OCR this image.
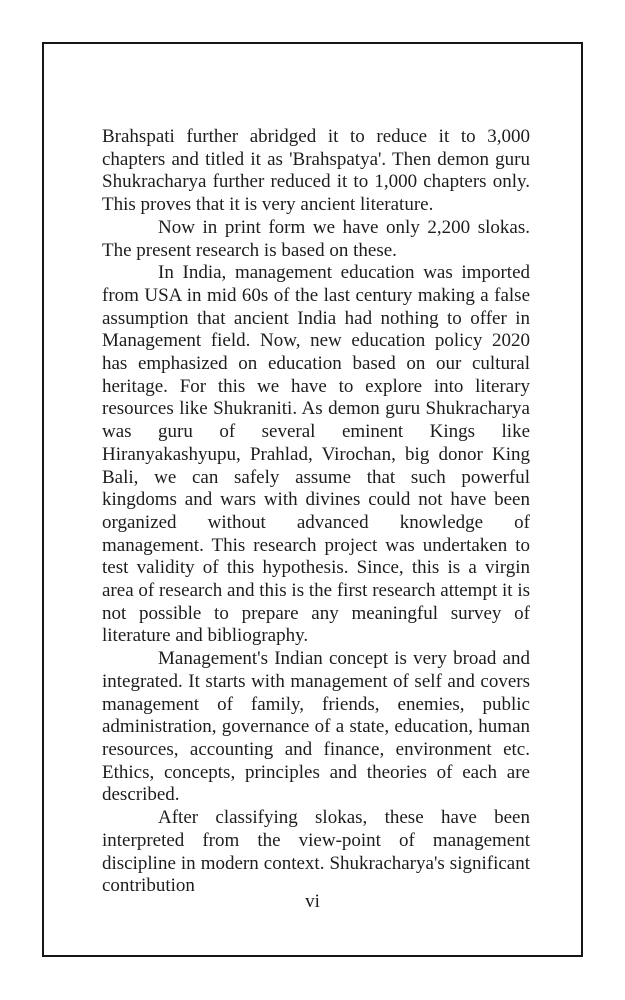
Brahspati further abridged it to reduce it to 3,000 chapters and titled it as 'Brahspatya'. Then demon guru Shukracharya further reduced it to 1,000 chapters only. This proves that it is very ancient literature.

Now in print form we have only 2,200 slokas. The present research is based on these.

In India, management education was imported from USA in mid 60s of the last century making a false assumption that ancient India had nothing to offer in Management field. Now, new education policy 2020 has emphasized on education based on our cultural heritage. For this we have to explore into literary resources like Shukraniti. As demon guru Shukracharya was guru of several eminent Kings like Hiranyakashyupu, Prahlad, Virochan, big donor King Bali, we can safely assume that such powerful kingdoms and wars with divines could not have been organized without advanced knowledge of management. This research project was undertaken to test validity of this hypothesis. Since, this is a virgin area of research and this is the first research attempt it is not possible to prepare any meaningful survey of literature and bibliography.

Management's Indian concept is very broad and integrated. It starts with management of self and covers management of family, friends, enemies, public administration, governance of a state, education, human resources, accounting and finance, environment etc. Ethics, concepts, principles and theories of each are described.

After classifying slokas, these have been interpreted from the view-point of management discipline in modern context. Shukracharya's significant contribution

vi
